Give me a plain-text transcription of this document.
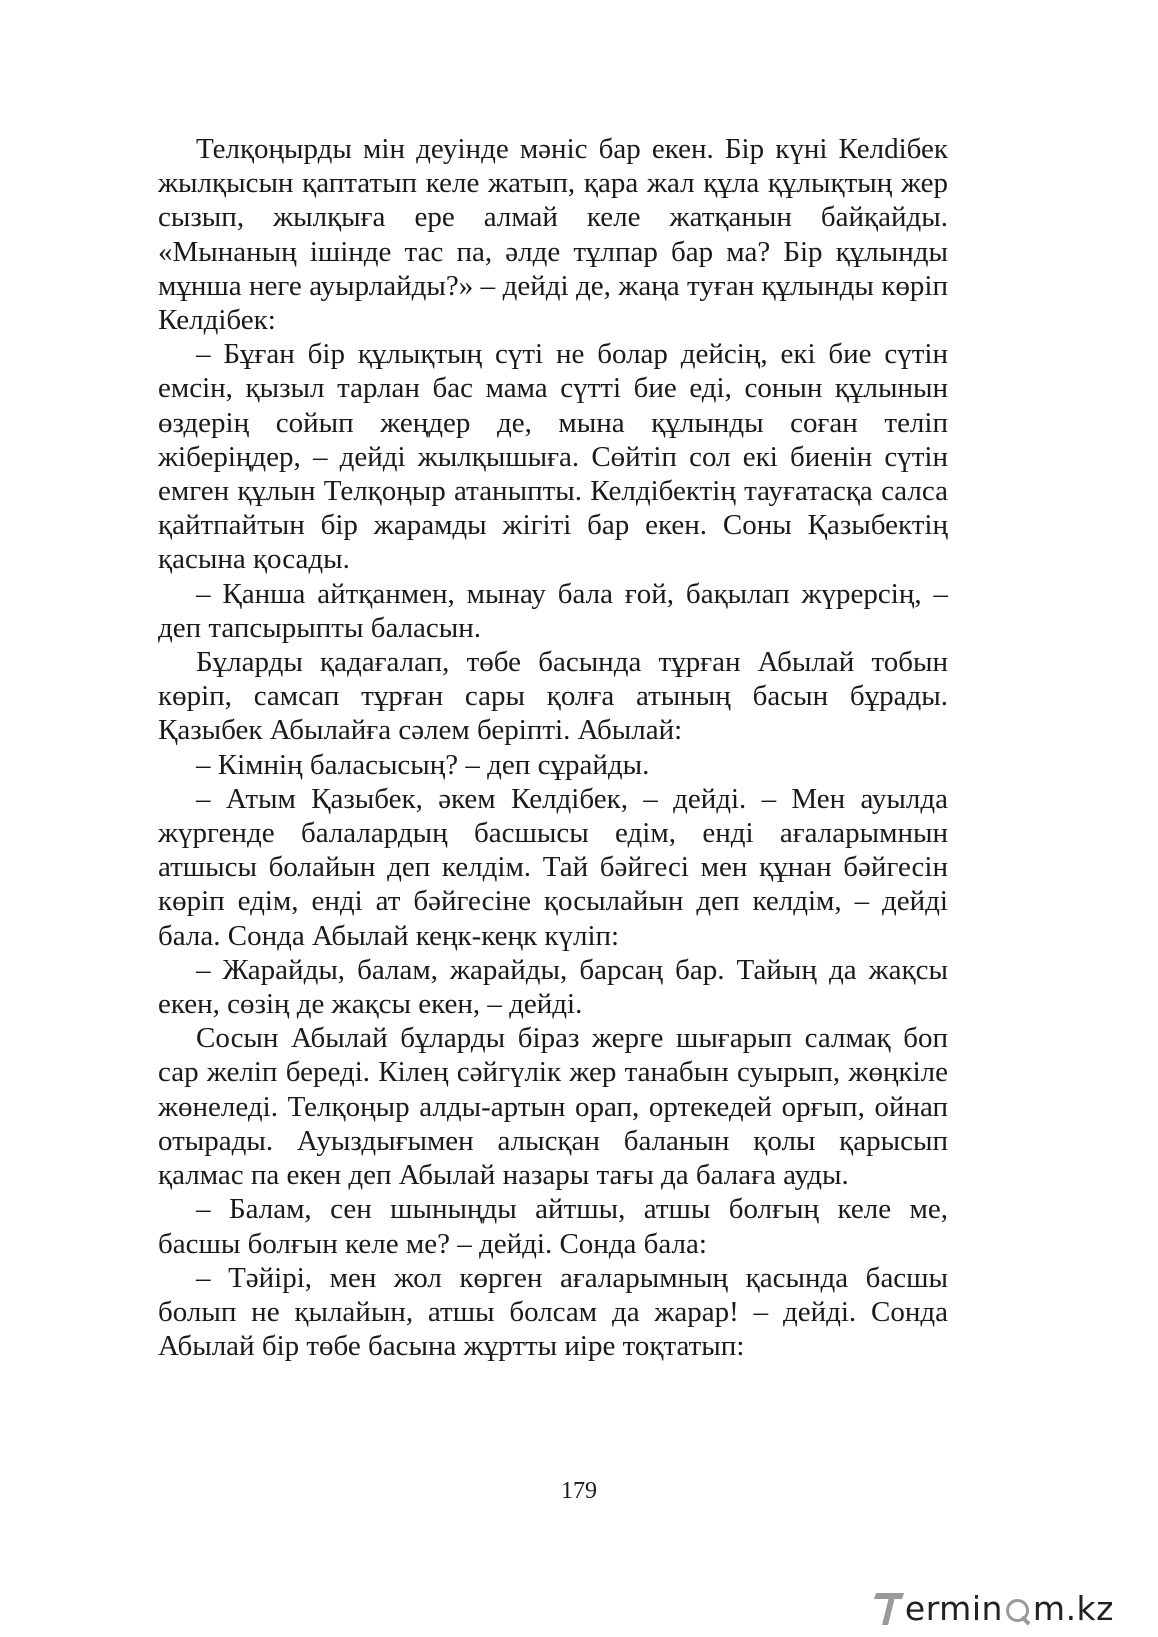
Телқоңырды мін деуінде мәніс бар екен. Бір күні Келdібек жылқысын қаптатып келе жатып, қара жал құла құлықтың жер сызып, жылқыға ере алмай келе жатқанын байқайды. «Мынаның ішінде тас па, әлде тұлпар бар ма? Бір құлынды мұнша неге ауырлайды?» – дейді де, жаңа туған құлынды көріп Келдібек:

– Бұған бір құлықтың сүті не болар дейсің, екі бие сүтін емсін, қызыл тарлан бас мама сүтті бие еді, сонын құлынын өздерің сойып жеңдер де, мына құлынды соған теліп жіберіңдер, – дейді жылқышыға. Сөйтіп сол екі биенін сүтін емген құлын Телқоңыр атаныпты. Келдібектің тауғатасқа салса қайтпайтын бір жарамды жігіті бар екен. Соны Қазыбектің қасына қосады.

– Қанша айтқанмен, мынау бала ғой, бақылап жүрерсің, – деп тапсырыпты баласын.

Бұларды қадағалап, төбе басында тұрған Абылай тобын көріп, самсап тұрған сары қолға атының басын бұрады. Қазыбек Абылайға сәлем беріпті. Абылай:

– Кімнің баласысың? – деп сұрайды.

– Атым Қазыбек, әкем Келдібек, – дейді. – Мен ауылда жүргенде балалардың басшысы едім, енді ағаларымнын атшысы болайын деп келдім. Тай бәйгесі мен құнан бәйгесін көріп едім, енді ат бәйгесіне қосылайын деп келдім, – дейді бала. Сонда Абылай кеңк-кеңк күліп:

– Жарайды, балам, жарайды, барсаң бар. Тайың да жақсы екен, сөзің де жақсы екен, – дейді.

Сосын Абылай бұларды біраз жерге шығарып салмақ боп сар желіп береді. Кілең сәйгүлік жер танабын суырып, жөңкіле жөнеледі. Телқоңыр алды-артын орап, ортекедей орғып, ойнап отырады. Ауыздығымен алысқан баланын қолы қарысып қалмас па екен деп Абылай назары тағы да балаға ауды.

– Балам, сен шыныңды айтшы, атшы болғың келе ме, басшы болғын келе ме? – дейді. Сонда бала:

– Тәйірі, мен жол көрген ағаларымның қасында басшы болып не қылайын, атшы болсам да жарар! – дейді. Сонда Абылай бір төбе басына жұртты иіре тоқтатып:

179
ermin m.kz
